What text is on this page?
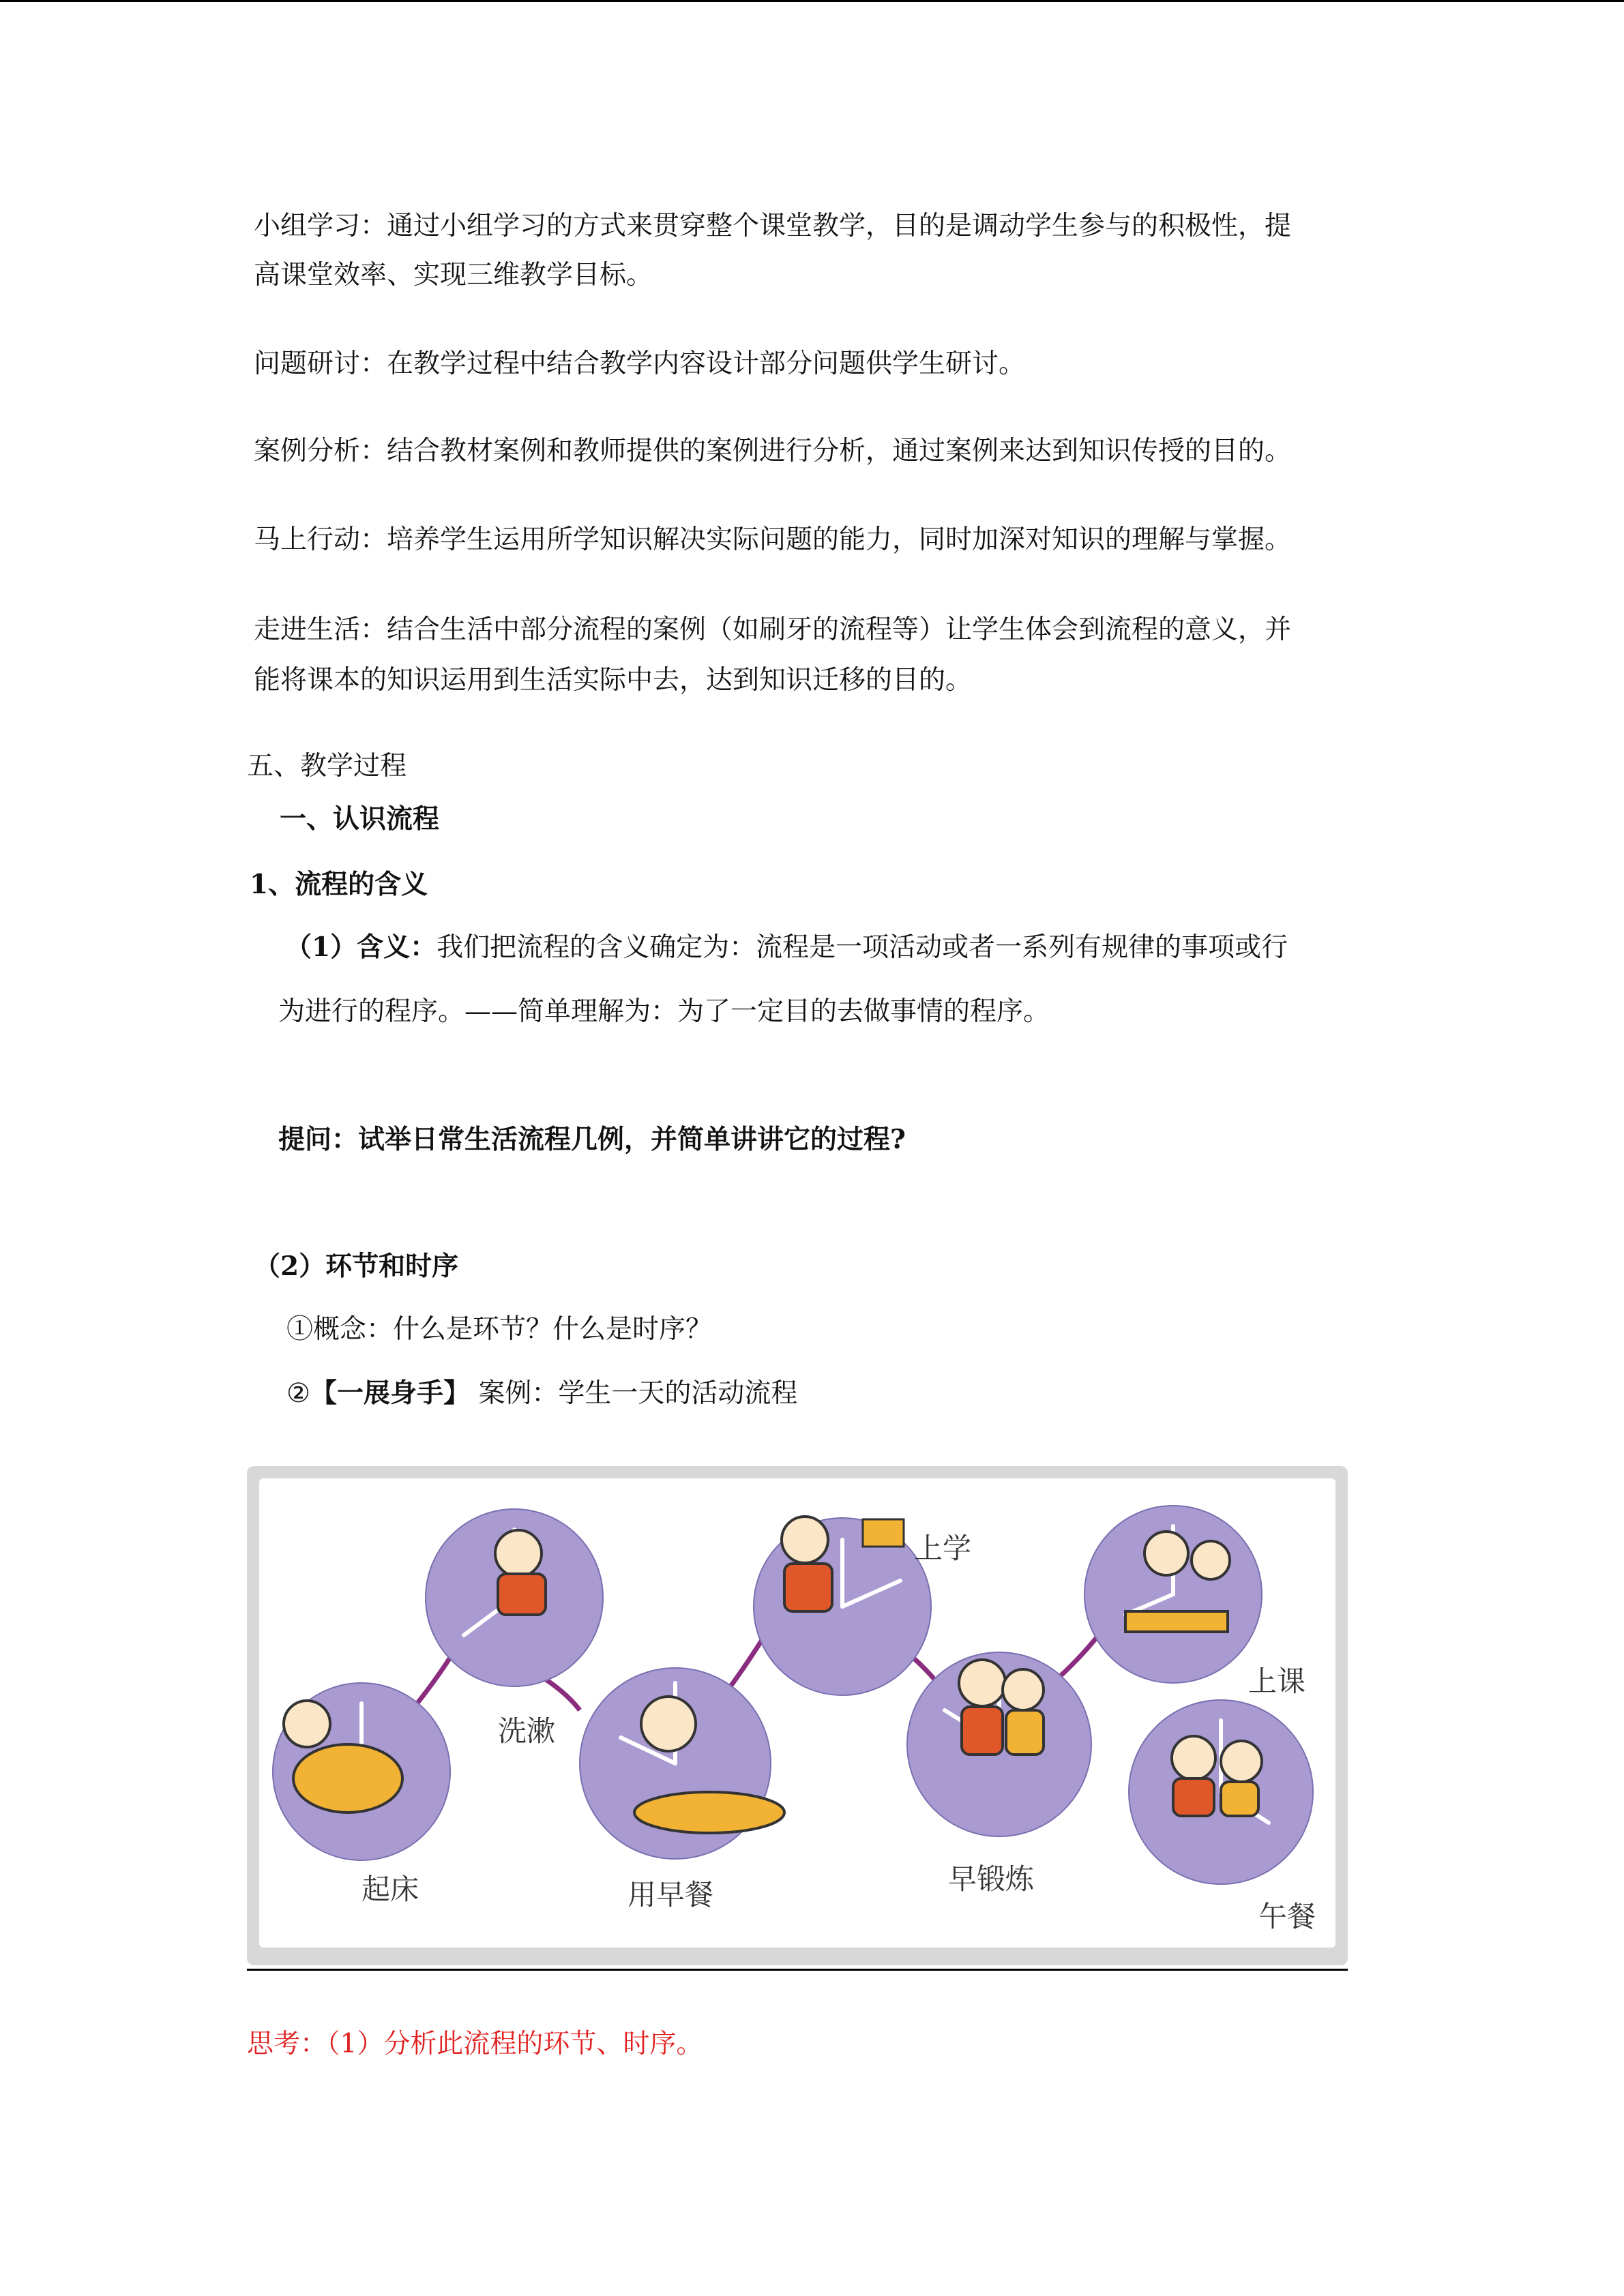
小组学习：通过小组学习的方式来贯穿整个课堂教学，目的是调动学生参与的积极性，提
高课堂效率、实现三维教学目标。
问题研讨：在教学过程中结合教学内容设计部分问题供学生研讨。
案例分析：结合教材案例和教师提供的案例进行分析，通过案例来达到知识传授的目的。
马上行动：培养学生运用所学知识解决实际问题的能力，同时加深对知识的理解与掌握。
走进生活：结合生活中部分流程的案例（如刷牙的流程等）让学生体会到流程的意义，并
能将课本的知识运用到生活实际中去，达到知识迁移的目的。
五、教学过程
一、认识流程
1、流程的含义
（1）含义：我们把流程的含义确定为：流程是一项活动或者一系列有规律的事项或行
为进行的程序。——简单理解为：为了一定目的去做事情的程序。
提问：试举日常生活流程几例，并简单讲讲它的过程?
（2）环节和时序
①概念：什么是环节？什么是时序？
②【一展身手】 案例：学生一天的活动流程
起床
洗漱
用早餐
上学
早锻炼
上课
午餐
思考：（1）分析此流程的环节、时序。
